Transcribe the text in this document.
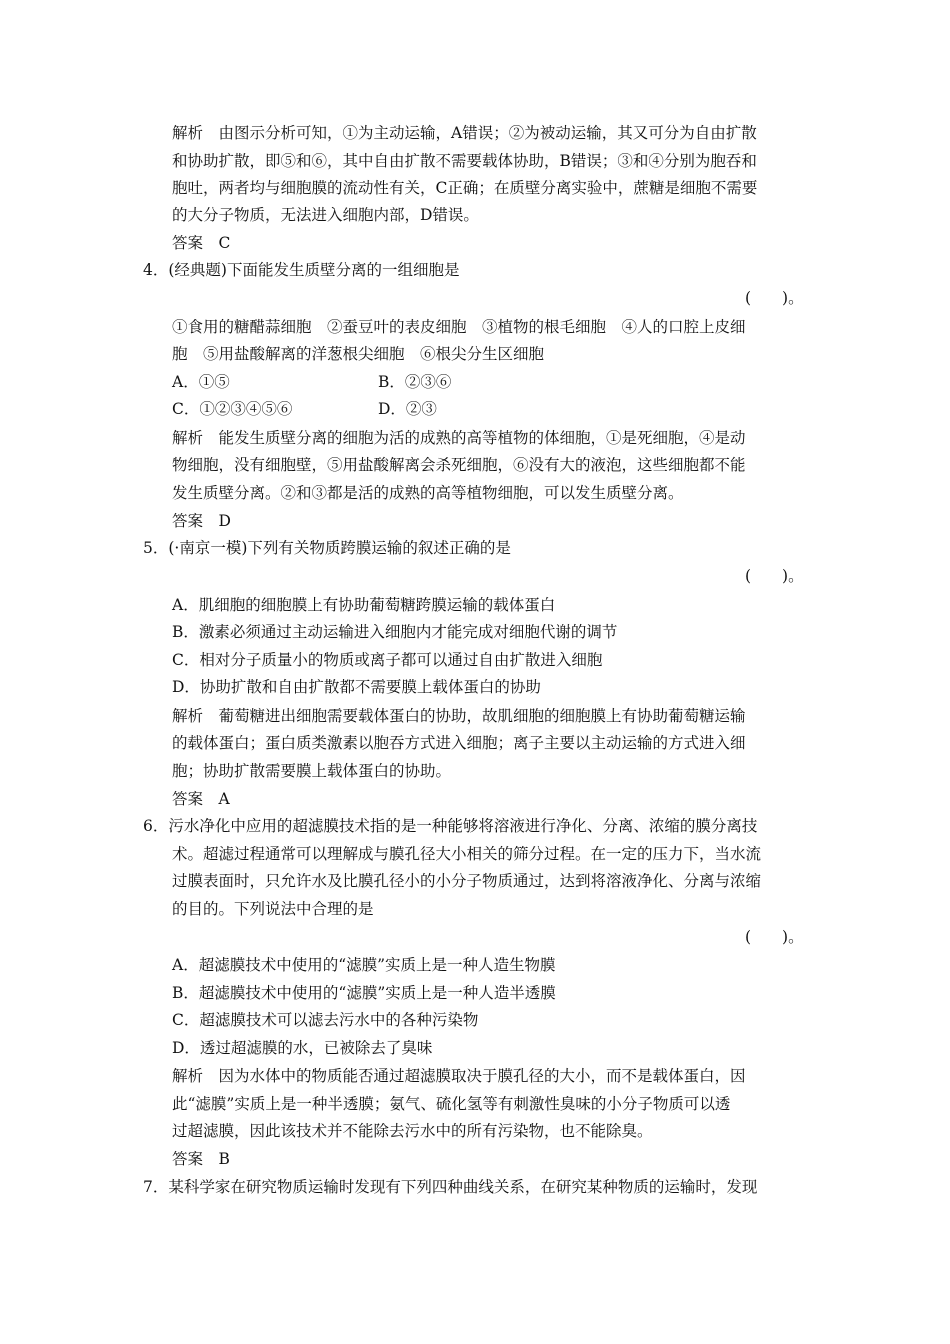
解析　由图示分析可知，①为主动运输，A错误；②为被动运输，其又可分为自由扩散
和协助扩散，即⑤和⑥，其中自由扩散不需要载体协助，B错误；③和④分别为胞吞和
胞吐，两者均与细胞膜的流动性有关，C正确；在质壁分离实验中，蔗糖是细胞不需要
的大分子物质，无法进入细胞内部，D错误。
答案　C
4．(经典题)下面能发生质壁分离的一组细胞是
(　　)。
①食用的糖醋蒜细胞　②蚕豆叶的表皮细胞　③植物的根毛细胞　④人的口腔上皮细
胞　⑤用盐酸解离的洋葱根尖细胞　⑥根尖分生区细胞
A．①⑤	B．②③⑥
C．①②③④⑤⑥	D．②③
解析　能发生质壁分离的细胞为活的成熟的高等植物的体细胞，①是死细胞，④是动
物细胞，没有细胞壁，⑤用盐酸解离会杀死细胞，⑥没有大的液泡，这些细胞都不能
发生质壁分离。②和③都是活的成熟的高等植物细胞，可以发生质壁分离。
答案　D
5．(·南京一模)下列有关物质跨膜运输的叙述正确的是
(　　)。
A．肌细胞的细胞膜上有协助葡萄糖跨膜运输的载体蛋白
B．激素必须通过主动运输进入细胞内才能完成对细胞代谢的调节
C．相对分子质量小的物质或离子都可以通过自由扩散进入细胞
D．协助扩散和自由扩散都不需要膜上载体蛋白的协助
解析　葡萄糖进出细胞需要载体蛋白的协助，故肌细胞的细胞膜上有协助葡萄糖运输
的载体蛋白；蛋白质类激素以胞吞方式进入细胞；离子主要以主动运输的方式进入细
胞；协助扩散需要膜上载体蛋白的协助。
答案　A
6．污水净化中应用的超滤膜技术指的是一种能够将溶液进行净化、分离、浓缩的膜分离技
术。超滤过程通常可以理解成与膜孔径大小相关的筛分过程。在一定的压力下，当水流
过膜表面时，只允许水及比膜孔径小的小分子物质通过，达到将溶液净化、分离与浓缩
的目的。下列说法中合理的是
(　　)。
A．超滤膜技术中使用的“滤膜”实质上是一种人造生物膜
B．超滤膜技术中使用的“滤膜”实质上是一种人造半透膜
C．超滤膜技术可以滤去污水中的各种污染物
D．透过超滤膜的水，已被除去了臭味
解析　因为水体中的物质能否通过超滤膜取决于膜孔径的大小，而不是载体蛋白，因
此“滤膜”实质上是一种半透膜；氨气、硫化氢等有刺激性臭味的小分子物质可以透
过超滤膜，因此该技术并不能除去污水中的所有污染物，也不能除臭。
答案　B
7．某科学家在研究物质运输时发现有下列四种曲线关系，在研究某种物质的运输时，发现
